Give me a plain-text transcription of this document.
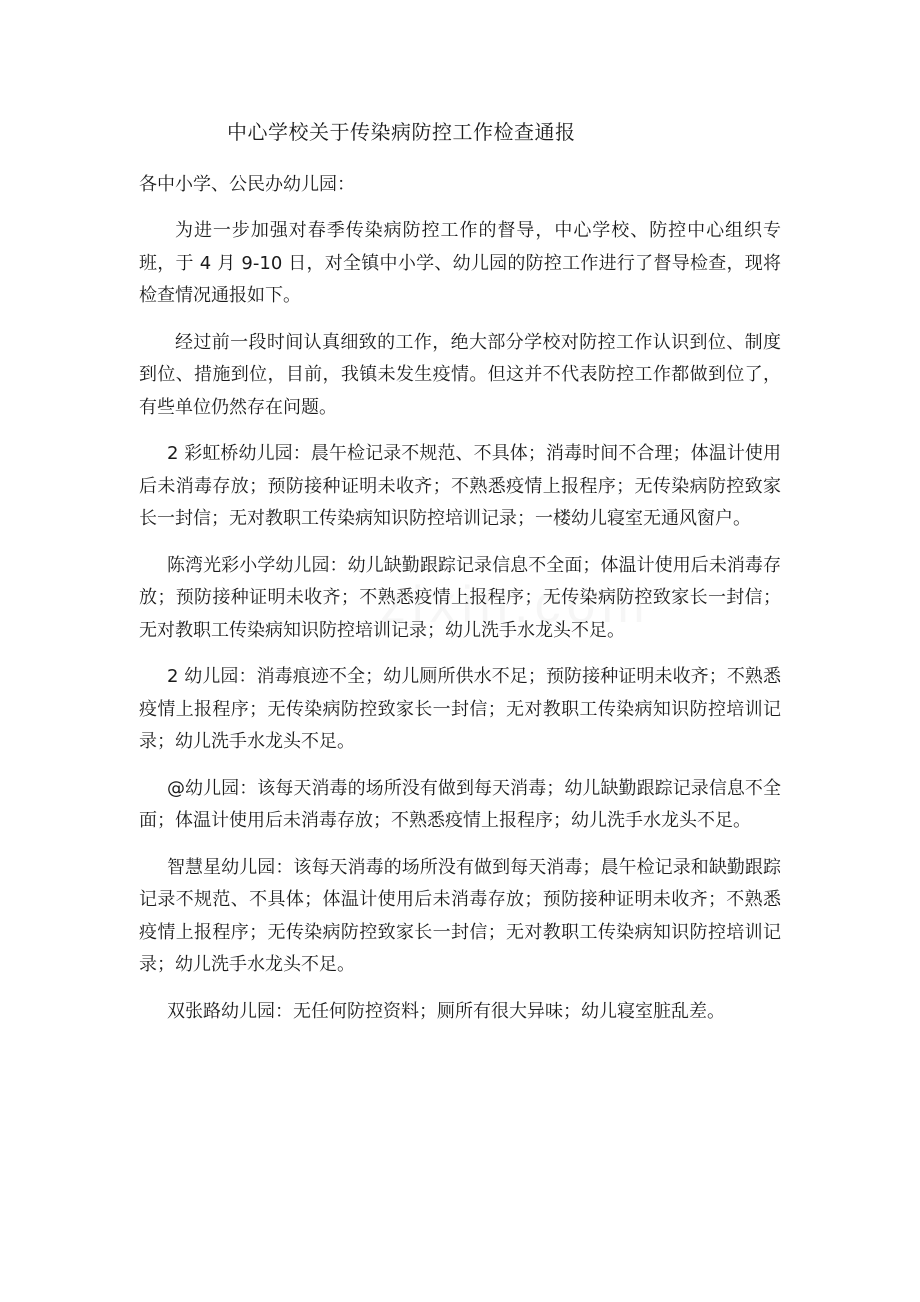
中心学校关于传染病防控工作检查通报

各中小学、公民办幼儿园：

为进一步加强对春季传染病防控工作的督导，中心学校、防控中心组织专班，于 4 月 9-10 日，对全镇中小学、幼儿园的防控工作进行了督导检查，现将检查情况通报如下。

经过前一段时间认真细致的工作，绝大部分学校对防控工作认识到位、制度到位、措施到位，目前，我镇未发生疫情。但这并不代表防控工作都做到位了，有些单位仍然存在问题。

2 彩虹桥幼儿园：晨午检记录不规范、不具体；消毒时间不合理；体温计使用后未消毒存放；预防接种证明未收齐；不熟悉疫情上报程序；无传染病防控致家长一封信；无对教职工传染病知识防控培训记录；一楼幼儿寝室无通风窗户。

陈湾光彩小学幼儿园：幼儿缺勤跟踪记录信息不全面；体温计使用后未消毒存放；预防接种证明未收齐；不熟悉疫情上报程序；无传染病防控致家长一封信；无对教职工传染病知识防控培训记录；幼儿洗手水龙头不足。

2 幼儿园：消毒痕迹不全；幼儿厕所供水不足；预防接种证明未收齐；不熟悉疫情上报程序；无传染病防控致家长一封信；无对教职工传染病知识防控培训记录；幼儿洗手水龙头不足。

@幼儿园：该每天消毒的场所没有做到每天消毒；幼儿缺勤跟踪记录信息不全面；体温计使用后未消毒存放；不熟悉疫情上报程序；幼儿洗手水龙头不足。

智慧星幼儿园：该每天消毒的场所没有做到每天消毒；晨午检记录和缺勤跟踪记录不规范、不具体；体温计使用后未消毒存放；预防接种证明未收齐；不熟悉疫情上报程序；无传染病防控致家长一封信；无对教职工传染病知识防控培训记录；幼儿洗手水龙头不足。

双张路幼儿园：无任何防控资料；厕所有很大异味；幼儿寝室脏乱差。
